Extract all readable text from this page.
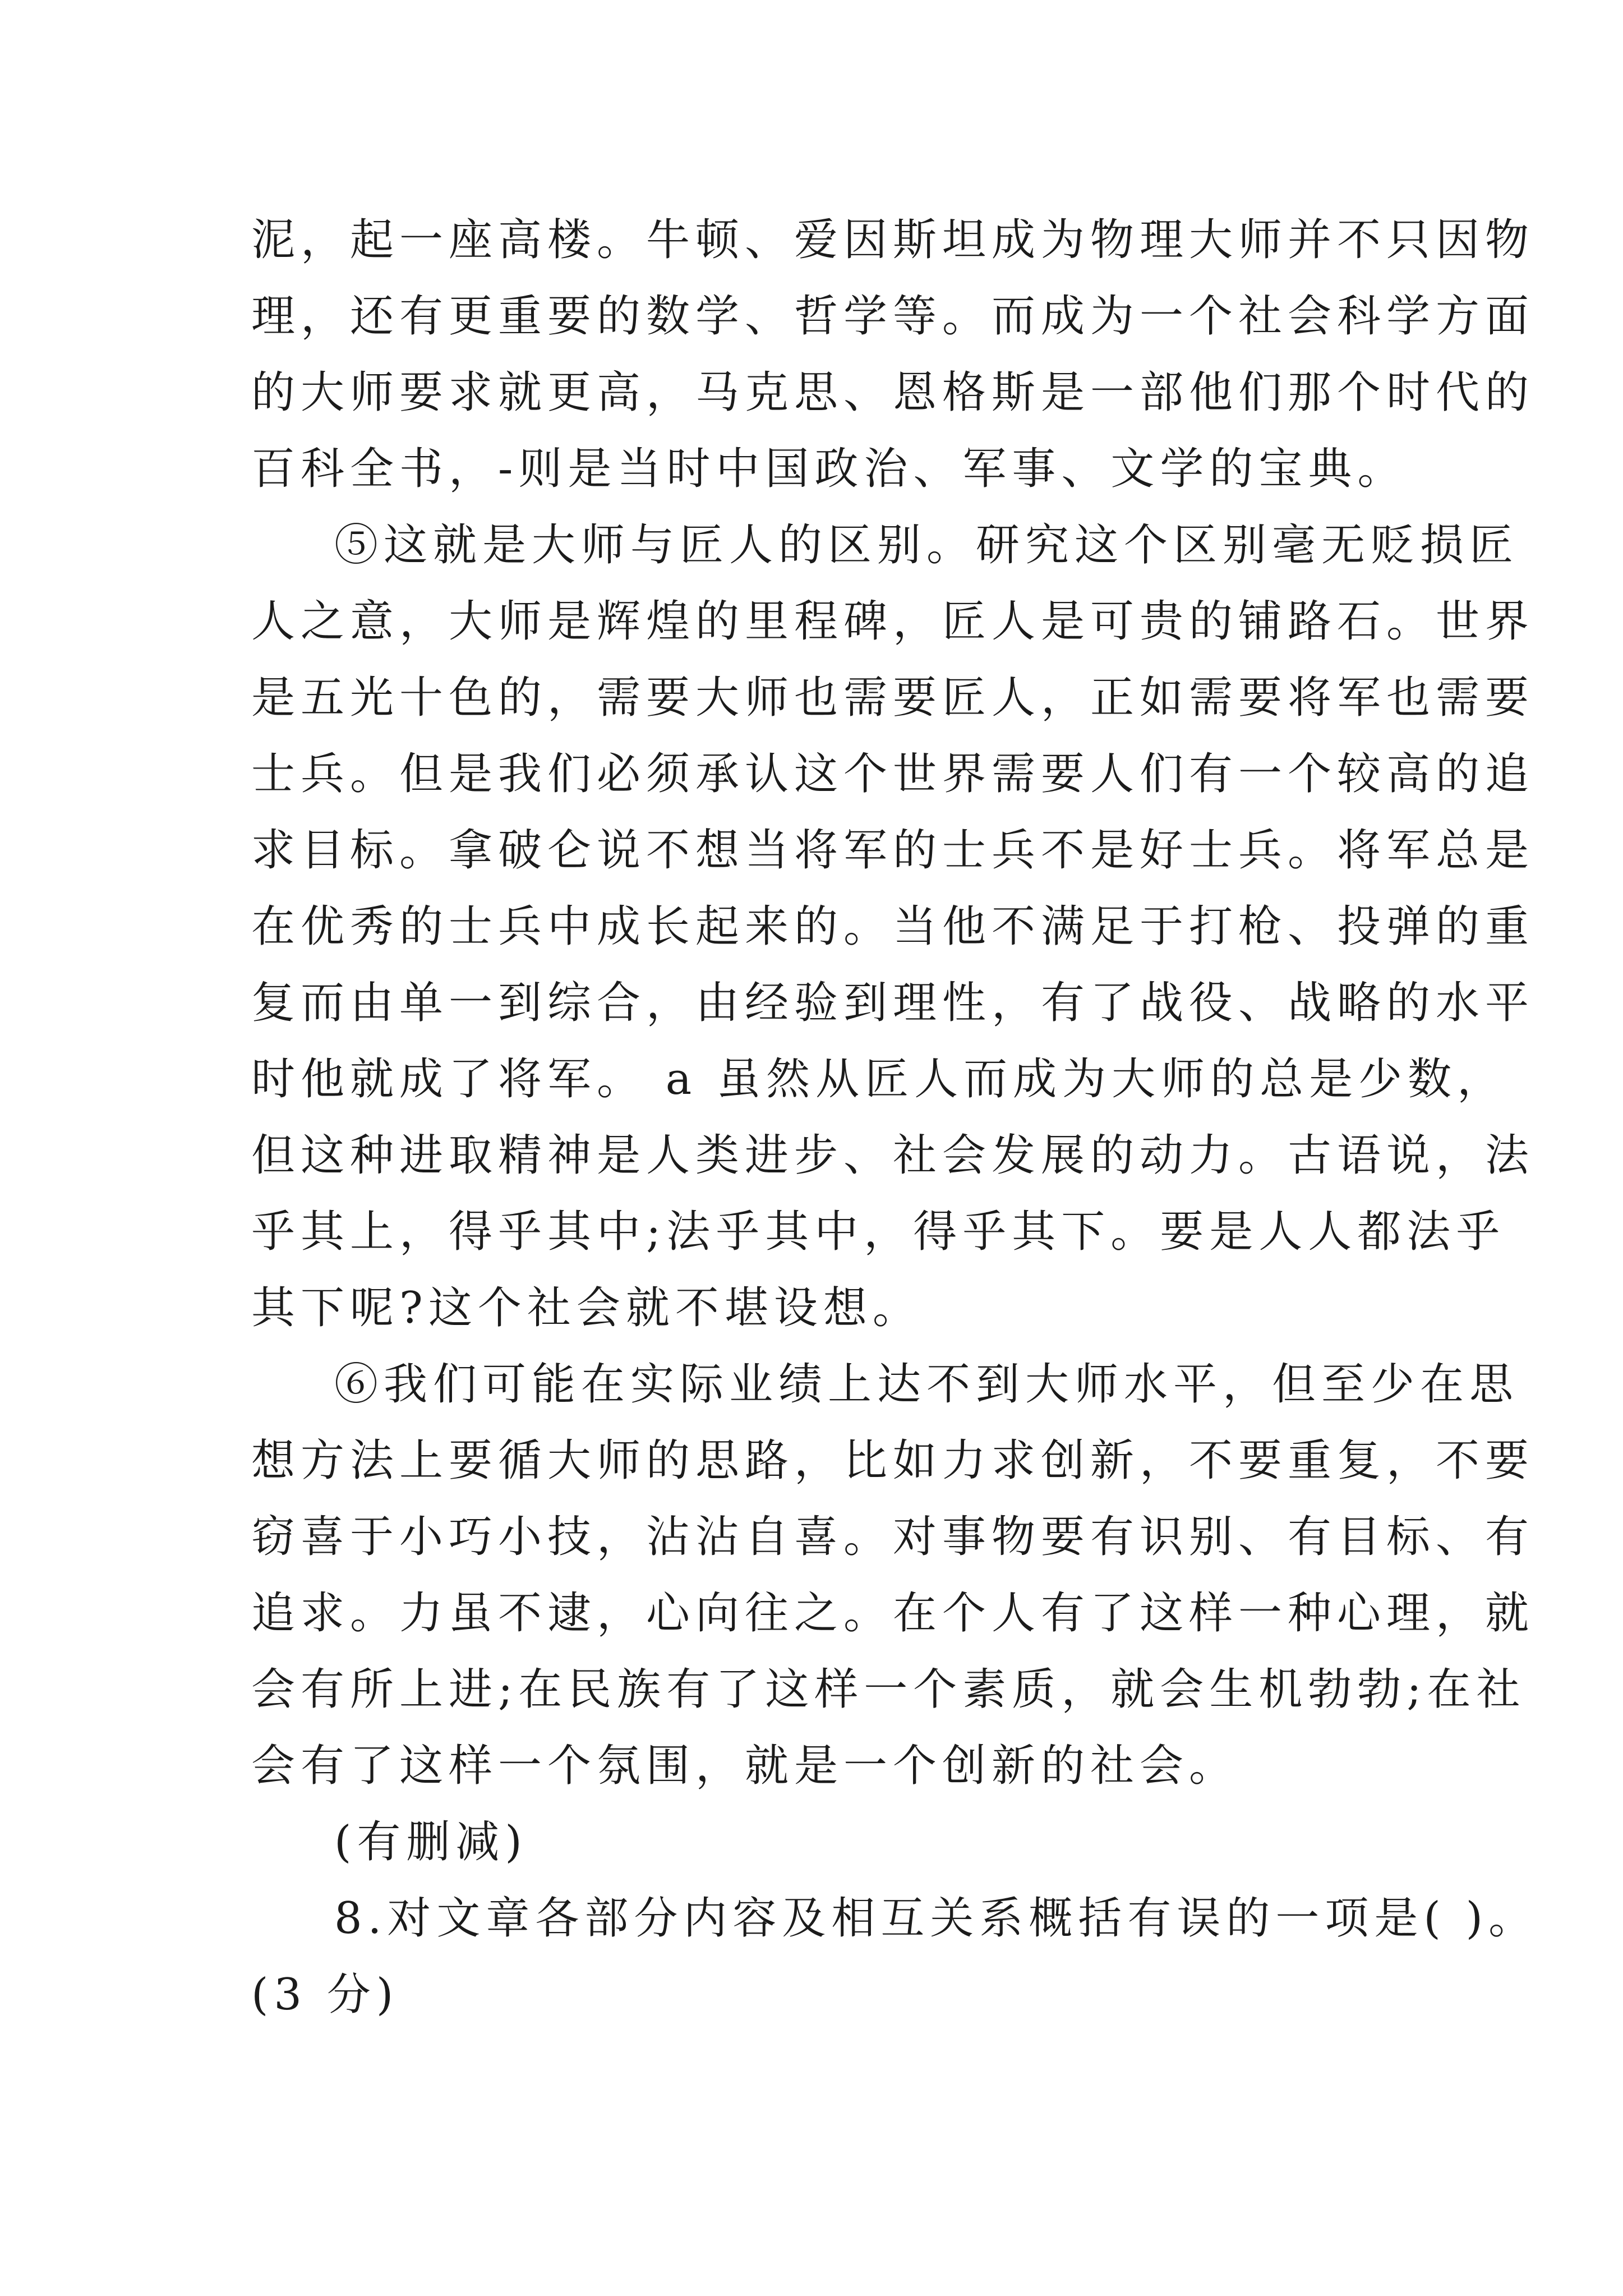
泥，起一座高楼。牛顿、爱因斯坦成为物理大师并不只因物
理，还有更重要的数学、哲学等。而成为一个社会科学方面
的大师要求就更高，马克思、恩格斯是一部他们那个时代的
百科全书，-则是当时中国政治、军事、文学的宝典。
⑤这就是大师与匠人的区别。研究这个区别毫无贬损匠
人之意，大师是辉煌的里程碑，匠人是可贵的铺路石。世界
是五光十色的，需要大师也需要匠人，正如需要将军也需要
士兵。但是我们必须承认这个世界需要人们有一个较高的追
求目标。拿破仑说不想当将军的士兵不是好士兵。将军总是
在优秀的士兵中成长起来的。当他不满足于打枪、投弹的重
复而由单一到综合，由经验到理性，有了战役、战略的水平
时他就成了将军。 a 虽然从匠人而成为大师的总是少数，
但这种进取精神是人类进步、社会发展的动力。古语说，法
乎其上，得乎其中;法乎其中，得乎其下。要是人人都法乎
其下呢?这个社会就不堪设想。
⑥我们可能在实际业绩上达不到大师水平，但至少在思
想方法上要循大师的思路，比如力求创新，不要重复，不要
窃喜于小巧小技，沾沾自喜。对事物要有识别、有目标、有
追求。力虽不逮，心向往之。在个人有了这样一种心理，就
会有所上进;在民族有了这样一个素质，就会生机勃勃;在社
会有了这样一个氛围，就是一个创新的社会。
(有删减)
8.对文章各部分内容及相互关系概括有误的一项是( )。
(3 分)
